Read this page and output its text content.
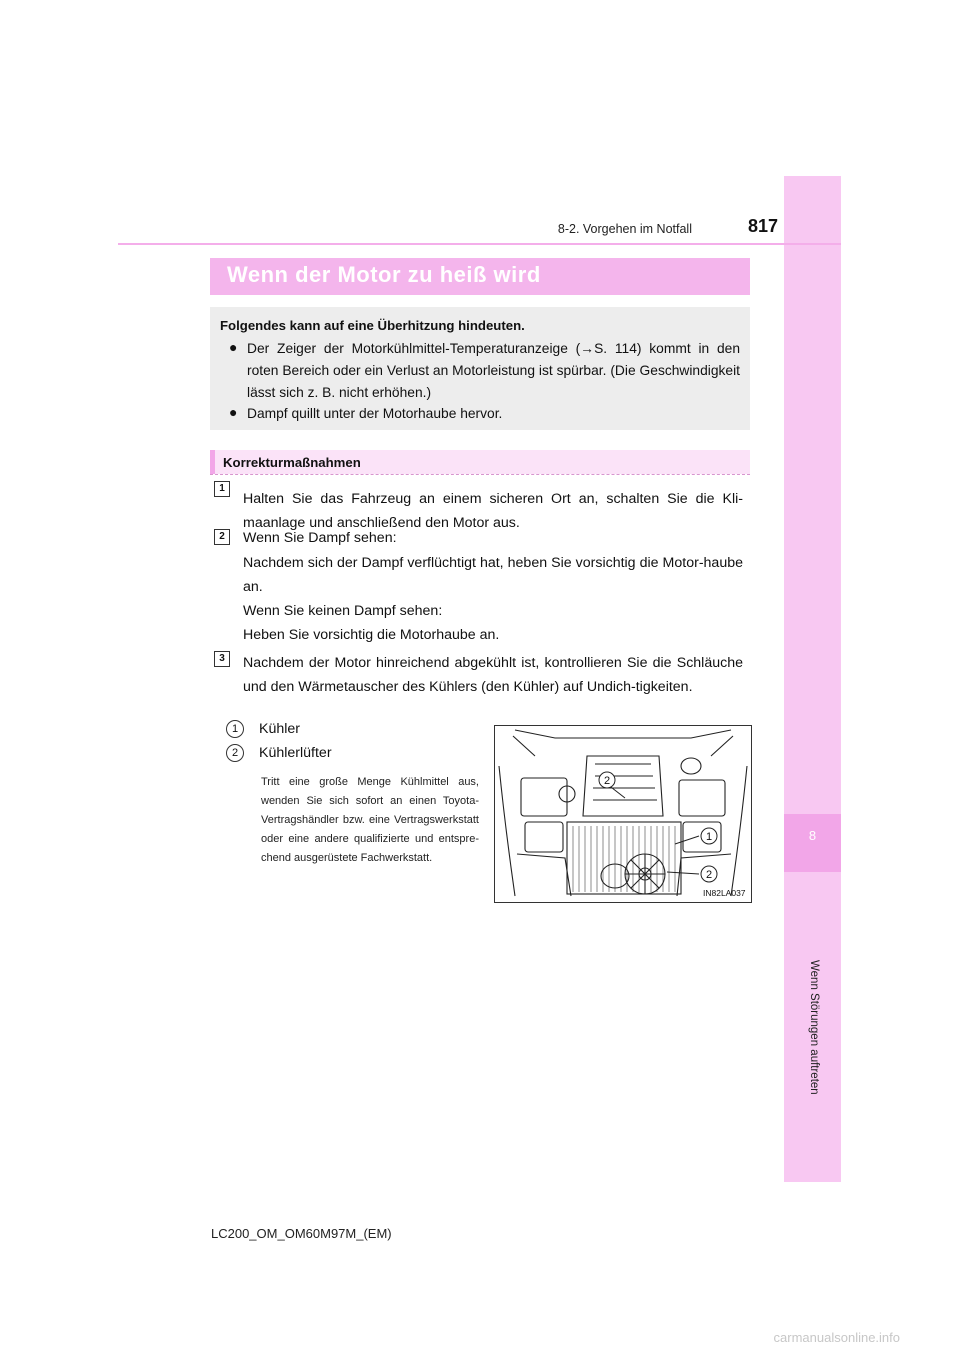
8
Wenn Störungen auftreten
8-2. Vorgehen im Notfall	817
Wenn der Motor zu heiß wird
Folgendes kann auf eine Überhitzung hindeuten.
● Der Zeiger der Motorkühlmittel-Temperaturanzeige (→S. 114) kommt in den roten Bereich oder ein Verlust an Motorleistung ist spürbar. (Die Geschwindigkeit lässt sich z. B. nicht erhöhen.)
● Dampf quillt unter der Motorhaube hervor.
Korrekturmaßnahmen
1
Halten Sie das Fahrzeug an einem sicheren Ort an, schalten Sie die Kli-maanlage und anschließend den Motor aus.
2	Wenn Sie Dampf sehen:
Nachdem sich der Dampf verflüchtigt hat, heben Sie vorsichtig die Motor-haube an.
Wenn Sie keinen Dampf sehen:
Heben Sie vorsichtig die Motorhaube an.
3	Nachdem der Motor hinreichend abgekühlt ist, kontrollieren Sie die Schläuche und den Wärmetauscher des Kühlers (den Kühler) auf Undich-tigkeiten.
1	Kühler
2	Kühlerlüfter
Tritt eine große Menge Kühlmittel aus, wenden Sie sich sofort an einen Toyota-Vertragshändler bzw. eine Vertragswerkstatt oder eine andere qualifizierte und entspre-chend ausgerüstete Fachwerkstatt.
2
1
2
IN82LA037
LC200_OM_OM60M97M_(EM)
carmanualsonline.info
